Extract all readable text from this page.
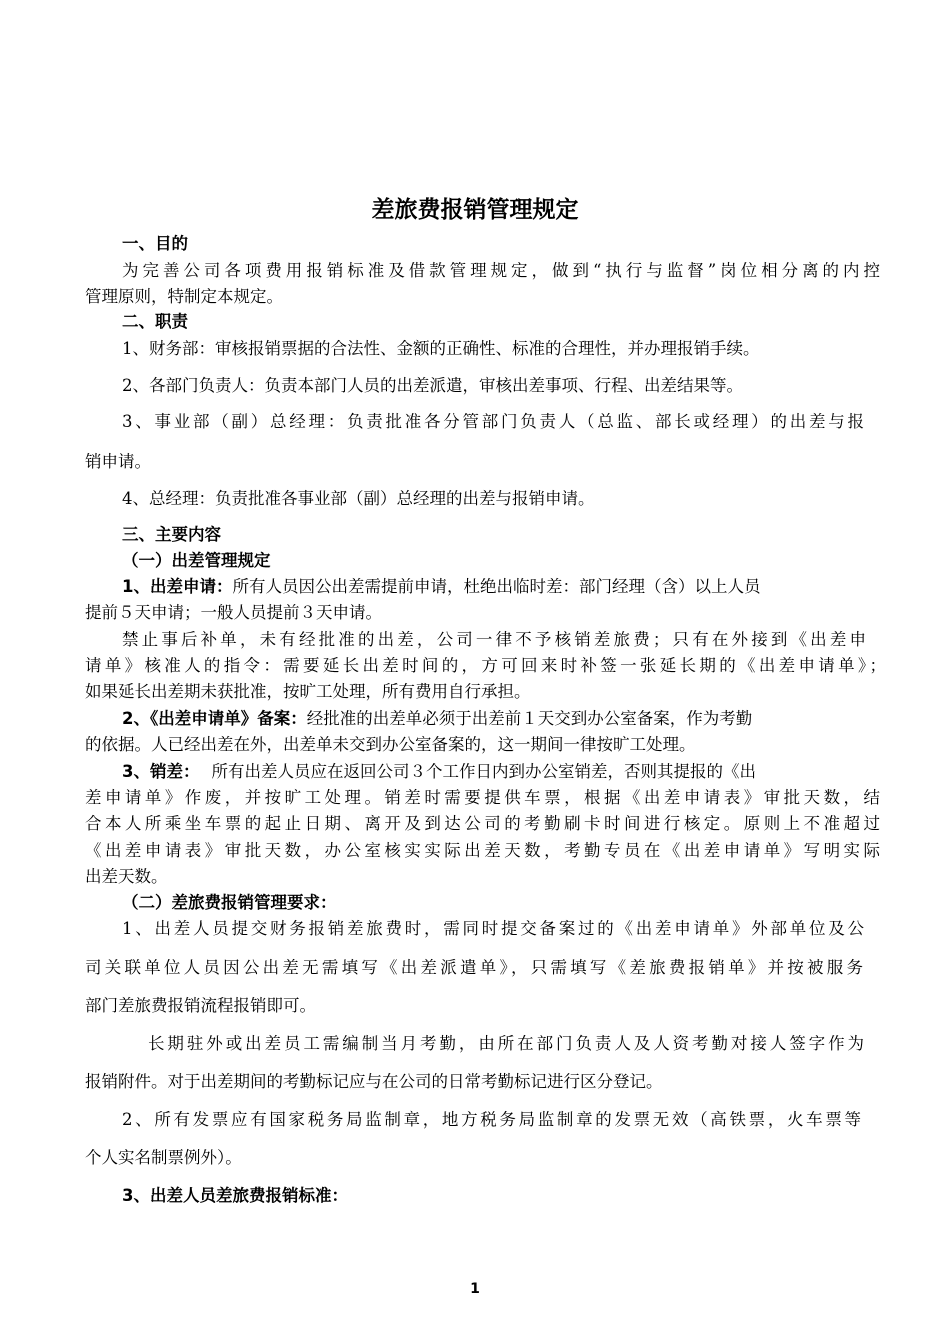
差旅费报销管理规定
一、目的
为完善公司各项费用报销标准及借款管理规定，做到“执行与监督”岗位相分离的内控
管理原则，特制定本规定。
二、职责
1、财务部：审核报销票据的合法性、金额的正确性、标准的合理性，并办理报销手续。
2、各部门负责人：负责本部门人员的出差派遣，审核出差事项、行程、出差结果等。
3、事业部（副）总经理：负责批准各分管部门负责人（总监、部长或经理）的出差与报
销申请。
4、总经理：负责批准各事业部（副）总经理的出差与报销申请。
三、主要内容
（一）出差管理规定
1、出差申请：所有人员因公出差需提前申请，杜绝出临时差：部门经理（含）以上人员
提前５天申请；一般人员提前３天申请。
禁止事后补单，未有经批准的出差，公司一律不予核销差旅费；只有在外接到《出差申
请单》核准人的指令：需要延长出差时间的，方可回来时补签一张延长期的《出差申请单》；
如果延长出差期未获批准，按旷工处理，所有费用自行承担。
2、《出差申请单》备案：经批准的出差单必须于出差前１天交到办公室备案，作为考勤
的依据。人已经出差在外，出差单未交到办公室备案的，这一期间一律按旷工处理。
3、销差： 所有出差人员应在返回公司３个工作日内到办公室销差，否则其提报的《出
差申请单》作废，并按旷工处理。销差时需要提供车票，根据《出差申请表》审批天数，结
合本人所乘坐车票的起止日期、离开及到达公司的考勤刷卡时间进行核定。原则上不准超过
《出差申请表》审批天数，办公室核实实际出差天数，考勤专员在《出差申请单》写明实际
出差天数。
（二）差旅费报销管理要求：
1、出差人员提交财务报销差旅费时，需同时提交备案过的《出差申请单》外部单位及公
司关联单位人员因公出差无需填写《出差派遣单》，只需填写《差旅费报销单》并按被服务
部门差旅费报销流程报销即可。
长期驻外或出差员工需编制当月考勤，由所在部门负责人及人资考勤对接人签字作为
报销附件。对于出差期间的考勤标记应与在公司的日常考勤标记进行区分登记。
2、所有发票应有国家税务局监制章，地方税务局监制章的发票无效（高铁票，火车票等
个人实名制票例外）。
3、出差人员差旅费报销标准：
1
